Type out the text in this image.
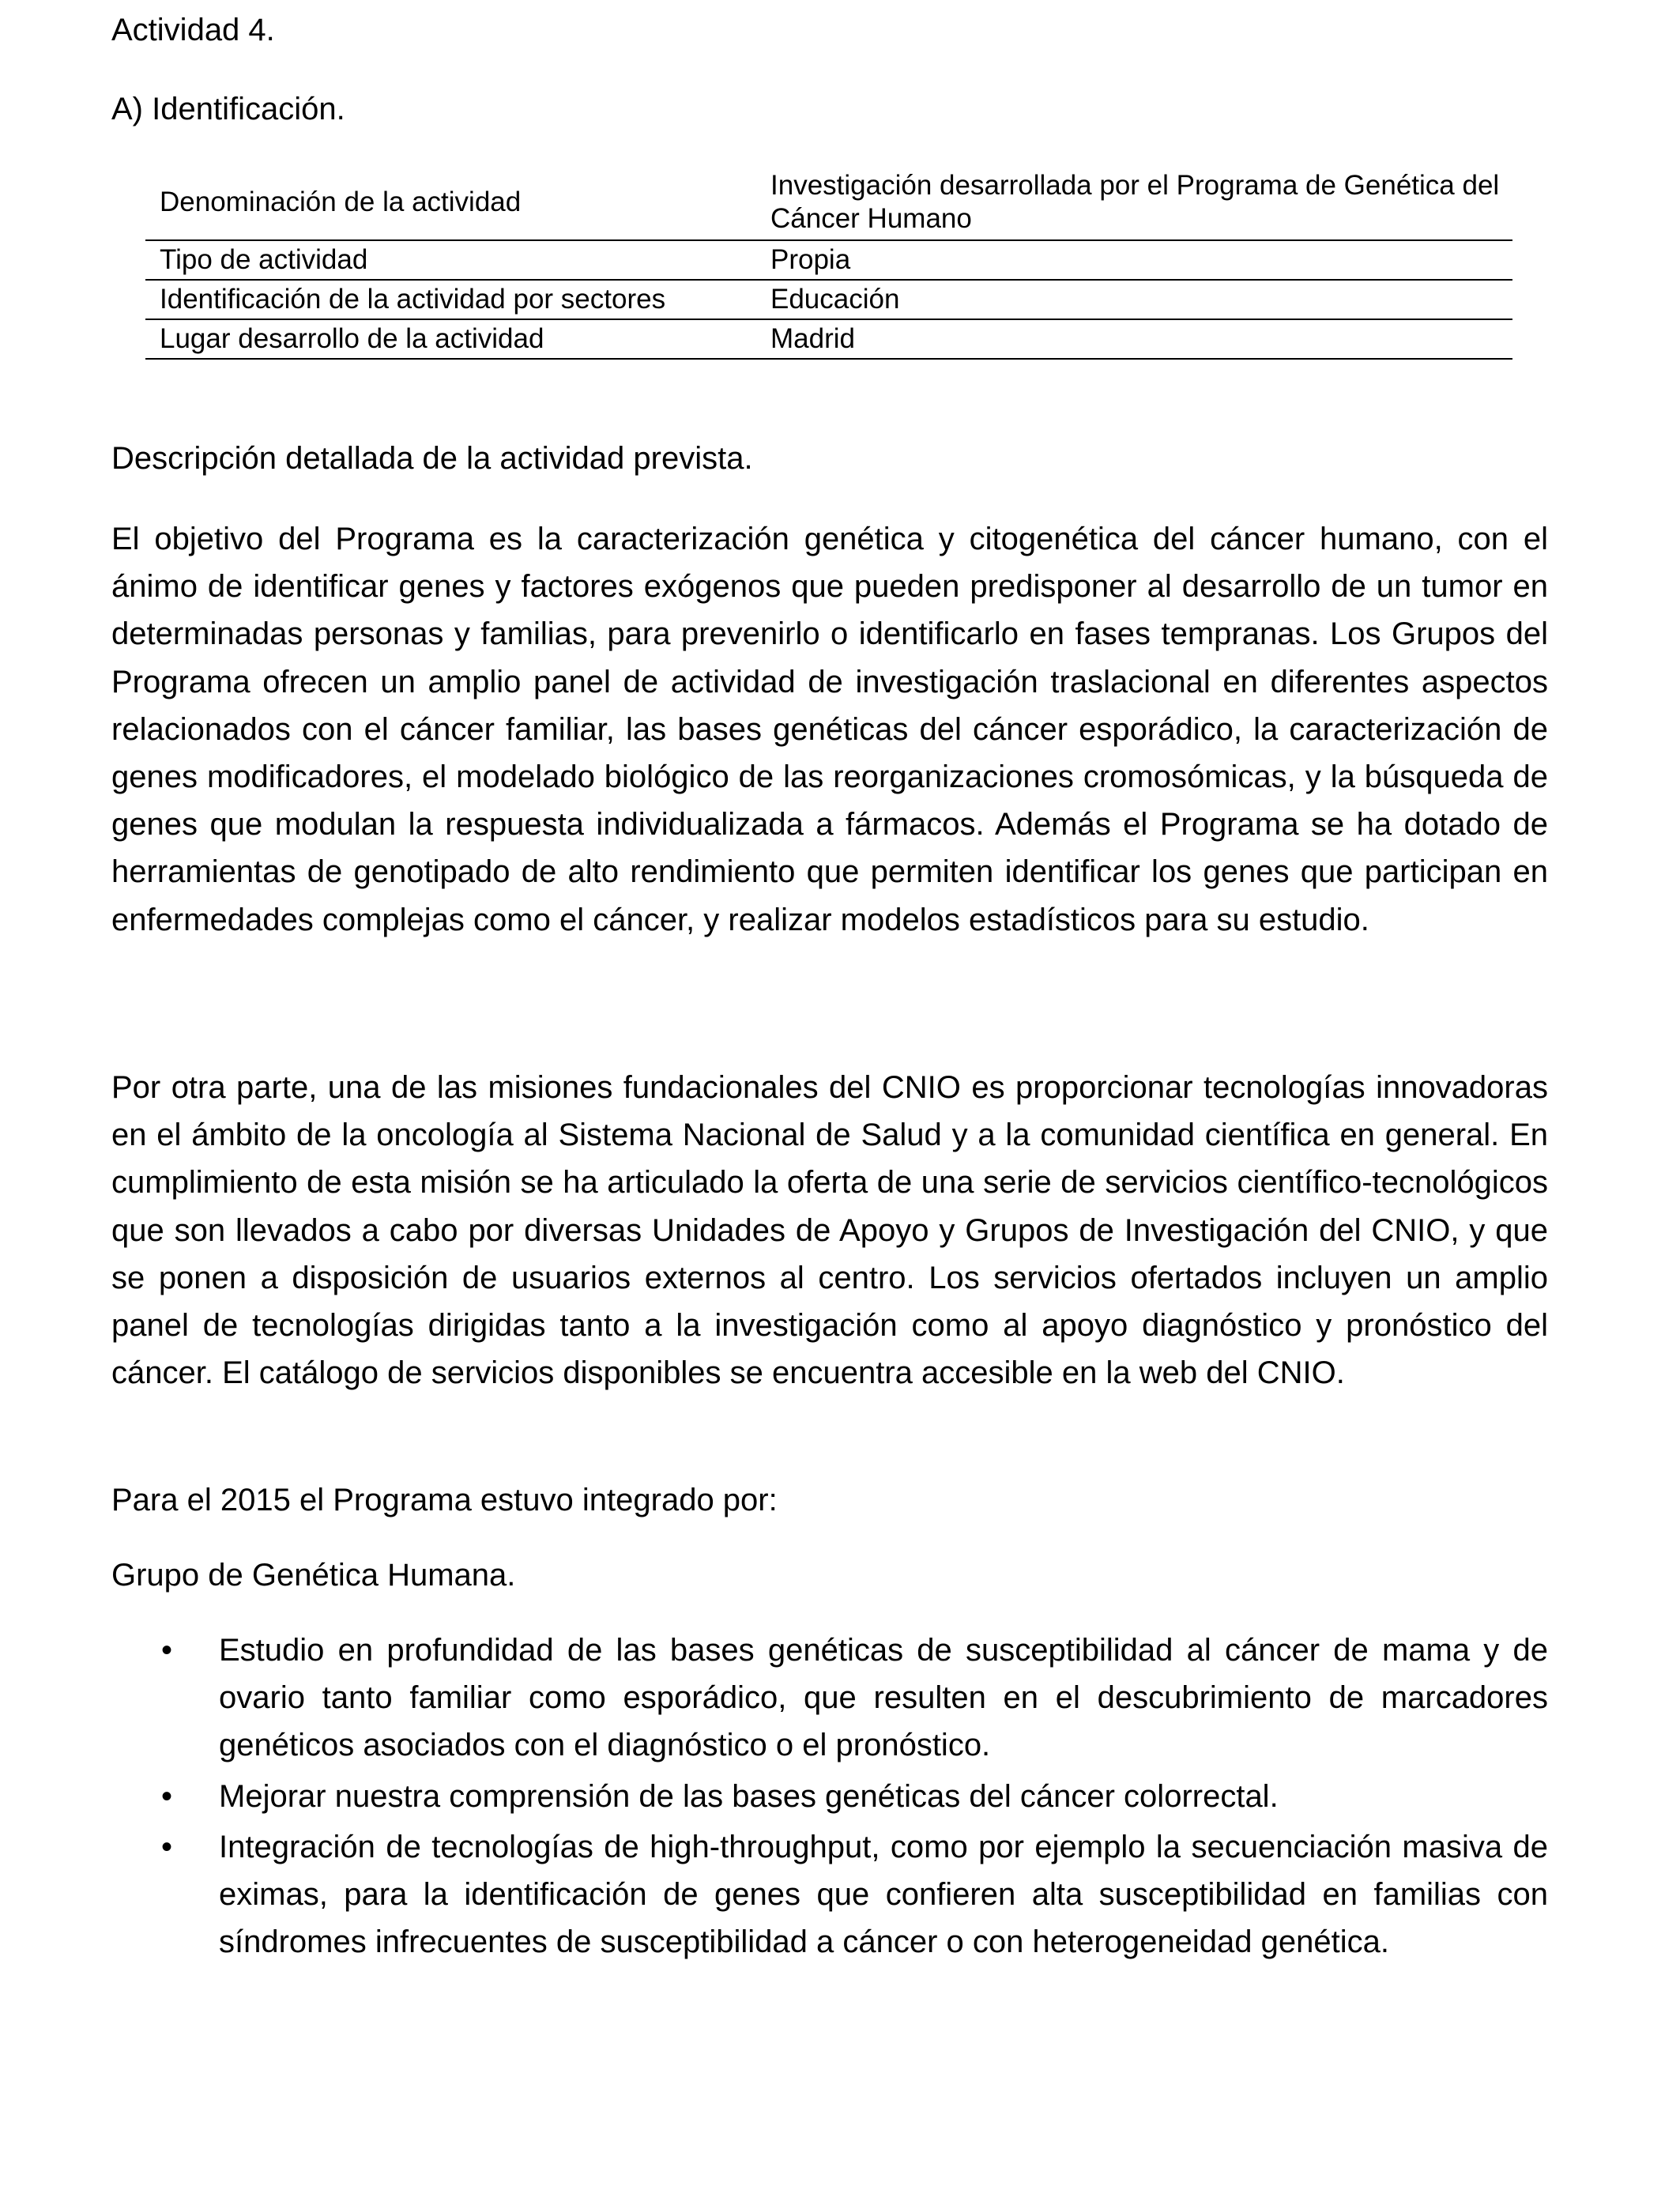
Actividad 4.
A) Identificación.
Denominación de la actividad	Investigación desarrollada por el Programa de Genética del Cáncer Humano
Tipo de actividad	Propia
Identificación de la actividad por sectores	Educación
Lugar desarrollo de la actividad	Madrid
Descripción detallada de la actividad prevista.

El objetivo del Programa es la caracterización genética y citogenética del cáncer humano, con el ánimo de identificar genes y factores exógenos que pueden predisponer al desarrollo de un tumor en determinadas personas y familias, para prevenirlo o identificarlo en fases tempranas. Los Grupos del Programa ofrecen un amplio panel de actividad de investigación traslacional en diferentes aspectos relacionados con el cáncer familiar, las bases genéticas del cáncer esporádico, la caracterización de genes modificadores, el modelado biológico de las reorganizaciones cromosómicas, y la búsqueda de genes que modulan la respuesta individualizada a fármacos. Además el Programa se ha dotado de herramientas de genotipado de alto rendimiento que permiten identificar los genes que participan en enfermedades complejas como el cáncer, y realizar modelos estadísticos para su estudio.

Por otra parte, una de las misiones fundacionales del CNIO es proporcionar tecnologías innovadoras en el ámbito de la oncología al Sistema Nacional de Salud y a la comunidad científica en general. En cumplimiento de esta misión se ha articulado la oferta de una serie de servicios científico-tecnológicos que son llevados a cabo por diversas Unidades de Apoyo y Grupos de Investigación del CNIO, y que se ponen a disposición de usuarios externos al centro. Los servicios ofertados incluyen un amplio panel de tecnologías dirigidas tanto a la investigación como al apoyo diagnóstico y pronóstico del cáncer. El catálogo de servicios disponibles se encuentra accesible en la web del CNIO.

Para el 2015 el Programa estuvo integrado por:

Grupo de Genética Humana.

• Estudio en profundidad de las bases genéticas de susceptibilidad al cáncer de mama y de ovario tanto familiar como esporádico, que resulten en el descubrimiento de marcadores genéticos asociados con el diagnóstico o el pronóstico.
• Mejorar nuestra comprensión de las bases genéticas del cáncer colorrectal.
• Integración de tecnologías de high-throughput, como por ejemplo la secuenciación masiva de eximas, para la identificación de genes que confieren alta susceptibilidad en familias con síndromes infrecuentes de susceptibilidad a cáncer o con heterogeneidad genética.
